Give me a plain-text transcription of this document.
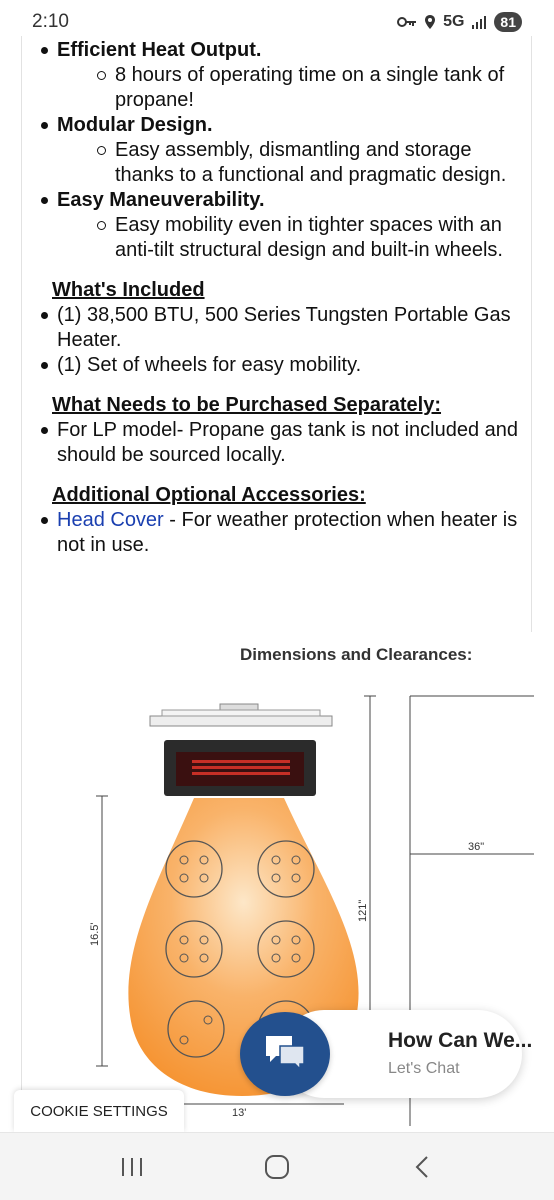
2:10	5G	81
Efficient Heat Output.
8 hours of operating time on a single tank of propane!
Modular Design.
Easy assembly, dismantling and storage thanks to a functional and pragmatic design.
Easy Maneuverability.
Easy mobility even in tighter spaces with an anti-tilt structural design and built-in wheels.
What's Included
(1) 38,500 BTU, 500 Series Tungsten Portable Gas Heater.
(1) Set of wheels for easy mobility.
What Needs to be Purchased Separately:
For LP model- Propane gas tank is not included and should be sourced locally.
Additional Optional Accessories:
Head Cover - For weather protection when heater is not in use.
Dimensions and Clearances:
16.5'
121"
36"
13'
How Can We...
Let's Chat
COOKIE SETTINGS
